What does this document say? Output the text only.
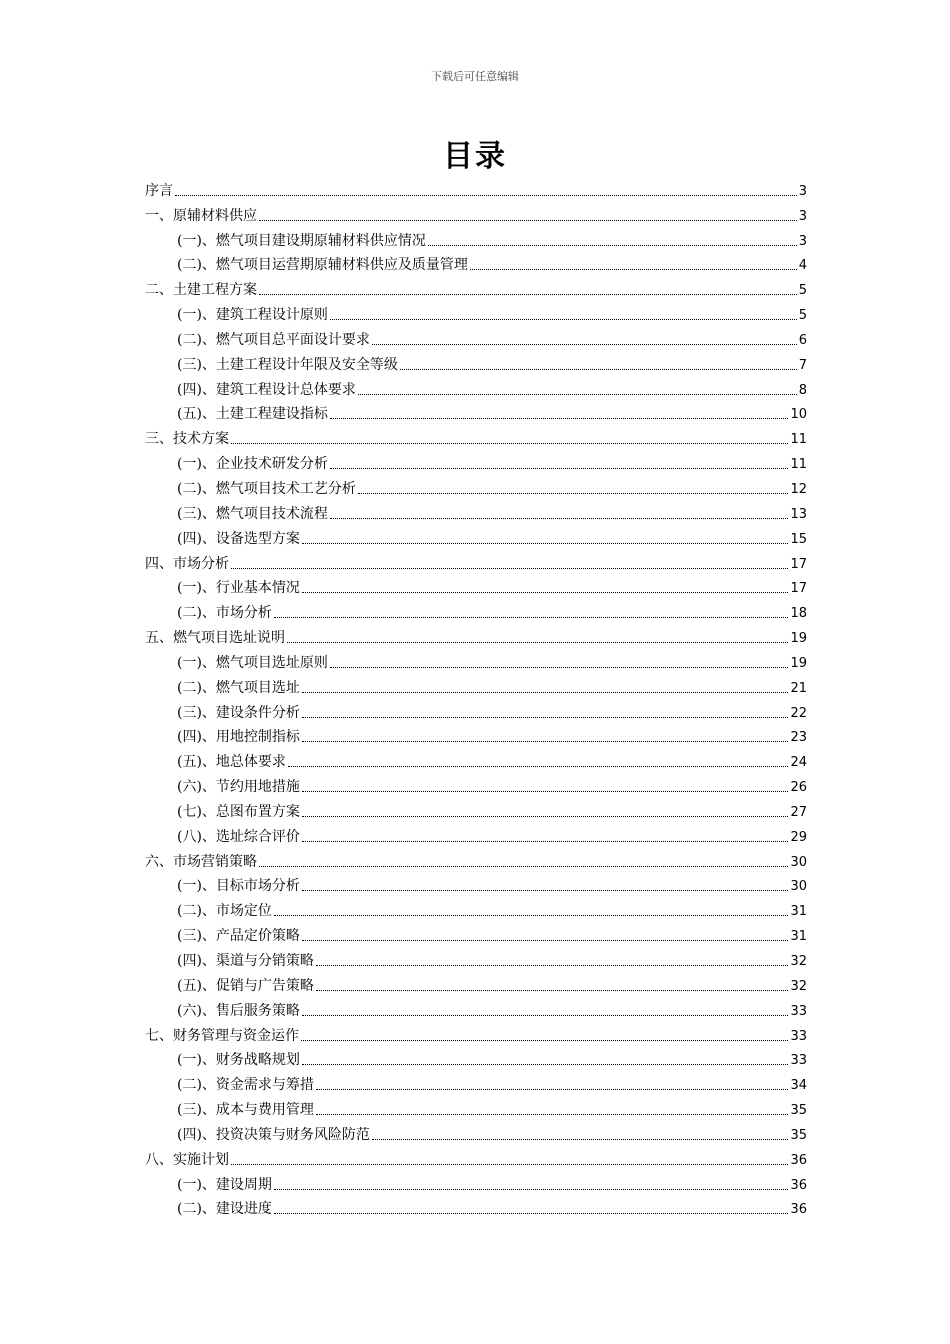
下载后可任意编辑
目录
序言	3
一、原辅材料供应	3
(一)、燃气项目建设期原辅材料供应情况	3
(二)、燃气项目运营期原辅材料供应及质量管理	4
二、土建工程方案	5
(一)、建筑工程设计原则	5
(二)、燃气项目总平面设计要求	6
(三)、土建工程设计年限及安全等级	7
(四)、建筑工程设计总体要求	8
(五)、土建工程建设指标	10
三、技术方案	11
(一)、企业技术研发分析	11
(二)、燃气项目技术工艺分析	12
(三)、燃气项目技术流程	13
(四)、设备选型方案	15
四、市场分析	17
(一)、行业基本情况	17
(二)、市场分析	18
五、燃气项目选址说明	19
(一)、燃气项目选址原则	19
(二)、燃气项目选址	21
(三)、建设条件分析	22
(四)、用地控制指标	23
(五)、地总体要求	24
(六)、节约用地措施	26
(七)、总图布置方案	27
(八)、选址综合评价	29
六、市场营销策略	30
(一)、目标市场分析	30
(二)、市场定位	31
(三)、产品定价策略	31
(四)、渠道与分销策略	32
(五)、促销与广告策略	32
(六)、售后服务策略	33
七、财务管理与资金运作	33
(一)、财务战略规划	33
(二)、资金需求与筹措	34
(三)、成本与费用管理	35
(四)、投资决策与财务风险防范	35
八、实施计划	36
(一)、建设周期	36
(二)、建设进度	36
